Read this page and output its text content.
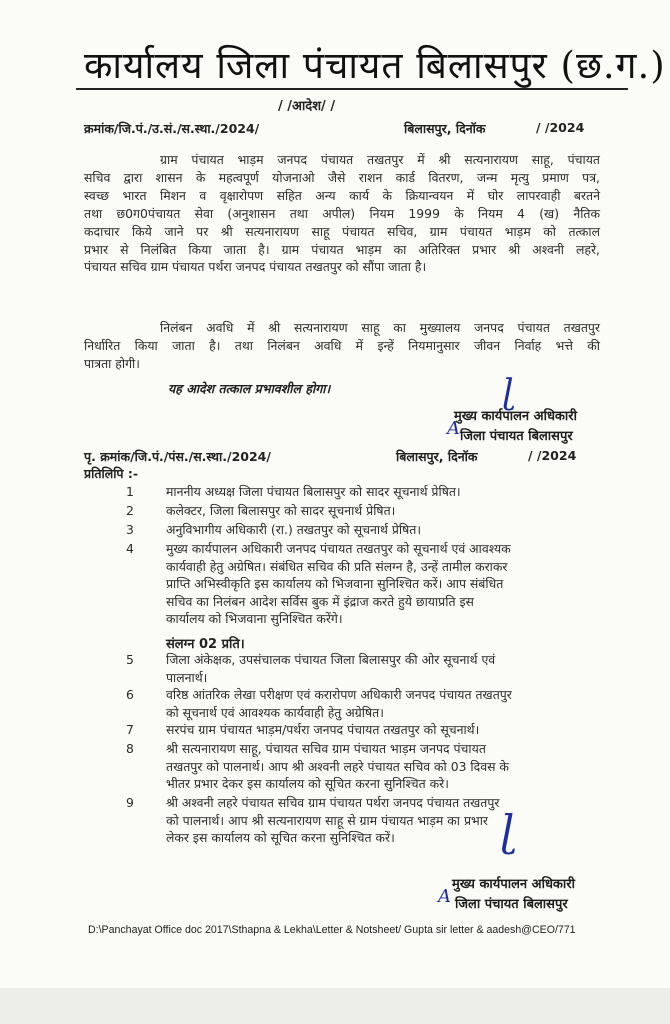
कार्यालय जिला पंचायत बिलासपुर (छ.ग.)
/ /आदेश/ /
क्रमांक/जि.पं./उ.सं./स.स्था./2024/	बिलासपुर, दिनॉक	/ /2024
ग्राम पंचायत भाड़म जनपद पंचायत तखतपुर में श्री सत्यनारायण साहू, पंचायत
सचिव द्वारा शासन के महत्वपूर्ण योजनाओ जैसे राशन कार्ड वितरण, जन्म मृत्यु प्रमाण पत्र,
स्वच्छ भारत मिशन व वृक्षारोपण सहित अन्य कार्य के क्रियान्वयन में घोर लापरवाही बरतने
तथा छ0ग0पंचायत सेवा (अनुशासन तथा अपील) नियम 1999 के नियम 4 (ख) नैतिक
कदाचार किये जाने पर श्री सत्यनारायण साहू पंचायत सचिव, ग्राम पंचायत भाड़म को तत्काल
प्रभार से निलंबित किया जाता है। ग्राम पंचायत भाड़म का अतिरिक्त प्रभार श्री अश्वनी लहरे,
पंचायत सचिव ग्राम पंचायत पर्थरा जनपद पंचायत तखतपुर को सौंपा जाता है।
निलंबन अवधि में श्री सत्यनारायण साहू का मुख्यालय जनपद पंचायत तखतपुर
निर्धारित किया जाता है। तथा निलंबन अवधि में इन्हें नियमानुसार जीवन निर्वाह भत्ते की
पात्रता होगी।
यह आदेश तत्काल प्रभावशील होगा।	ɭ
मुख्य कार्यपालन अधिकारी
A जिला पंचायत बिलासपुर
पृ. क्रमांक/जि.पं./पंस./स.स्था./2024/	बिलासपुर, दिनॉक	/ /2024
प्रतिलिपि :-
1	माननीय अध्यक्ष जिला पंचायत बिलासपुर को सादर सूचनार्थ प्रेषित।
2	कलेक्टर, जिला बिलासपुर को सादर सूचनार्थ प्रेषित।
3	अनुविभागीय अधिकारी (रा.) तखतपुर को सूचनार्थ प्रेषित।
4	मुख्य कार्यपालन अधिकारी जनपद पंचायत तखतपुर को सूचनार्थ एवं आवश्यक
कार्यवाही हेतु अग्रेषित। संबंधित सचिव की प्रति संलग्न है, उन्हें तामील कराकर
प्राप्ति अभिस्वीकृति इस कार्यालय को भिजवाना सुनिश्चित करें। आप संबंधित
सचिव का निलंबन आदेश सर्विस बुक में इंद्राज करते हुये छायाप्रति इस
कार्यालय को भिजवाना सुनिश्चित करेंगे।
संलग्न 02 प्रति।
5	जिला अंकेक्षक, उपसंचालक पंचायत जिला बिलासपुर की ओर सूचनार्थ एवं
पालनार्थ।
6	वरिष्ठ आंतरिक लेखा परीक्षण एवं करारोपण अधिकारी जनपद पंचायत तखतपुर
को सूचनार्थ एवं आवश्यक कार्यवाही हेतु अग्रेषित।
7	सरपंच ग्राम पंचायत भाड़म/पर्थरा जनपद पंचायत तखतपुर को सूचनार्थ।
8	श्री सत्यनारायण साहू, पंचायत सचिव ग्राम पंचायत भाड़म जनपद पंचायत
तखतपुर को पालनार्थ। आप श्री अश्वनी लहरे पंचायत सचिव को 03 दिवस के
भीतर प्रभार देकर इस कार्यालय को सूचित करना सुनिश्चित करे।
9	श्री अश्वनी लहरे पंचायत सचिव ग्राम पंचायत पर्थरा जनपद पंचायत तखतपुर
को पालनार्थ। आप श्री सत्यनारायण साहू से ग्राम पंचायत भाड़म का प्रभार
लेकर इस कार्यालय को सूचित करना सुनिश्चित करें।	ɭ
मुख्य कार्यपालन अधिकारी
A जिला पंचायत बिलासपुर
D:\Panchayat Office doc 2017\Sthapna & Lekha\Letter & Notsheet/ Gupta sir letter & aadesh@CEO/771
